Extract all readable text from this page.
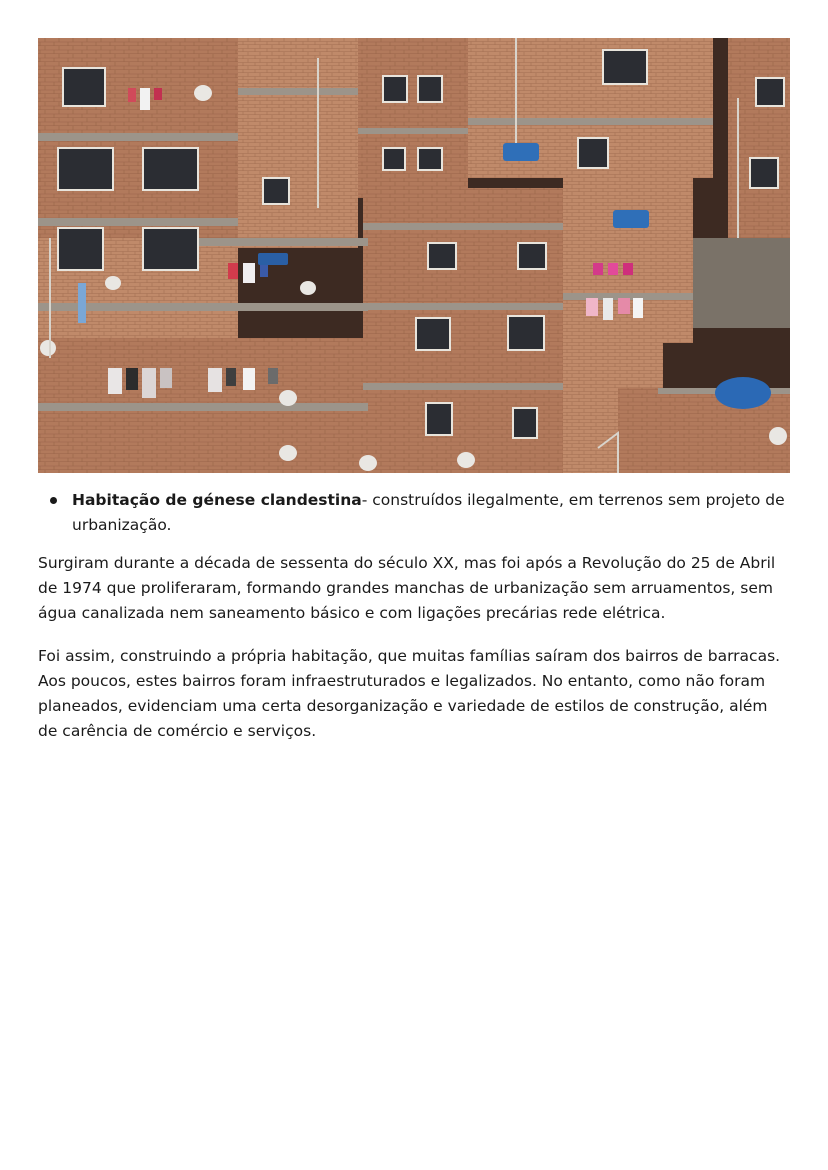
Habitação de génese clandestina- construídos ilegalmente, em terrenos sem projeto de urbanização.

Surgiram durante a década de sessenta do século XX, mas foi após a Revolução do 25 de Abril de 1974 que proliferaram, formando grandes manchas de urbanização sem arruamentos, sem água canalizada nem saneamento básico e com ligações precárias rede elétrica.

Foi assim, construindo a própria habitação, que muitas famílias saíram dos bairros de barracas. Aos poucos, estes bairros foram infraestruturados e legalizados. No entanto, como não foram planeados, evidenciam uma certa desorganização e variedade de estilos de construção, além de carência de comércio e serviços.
